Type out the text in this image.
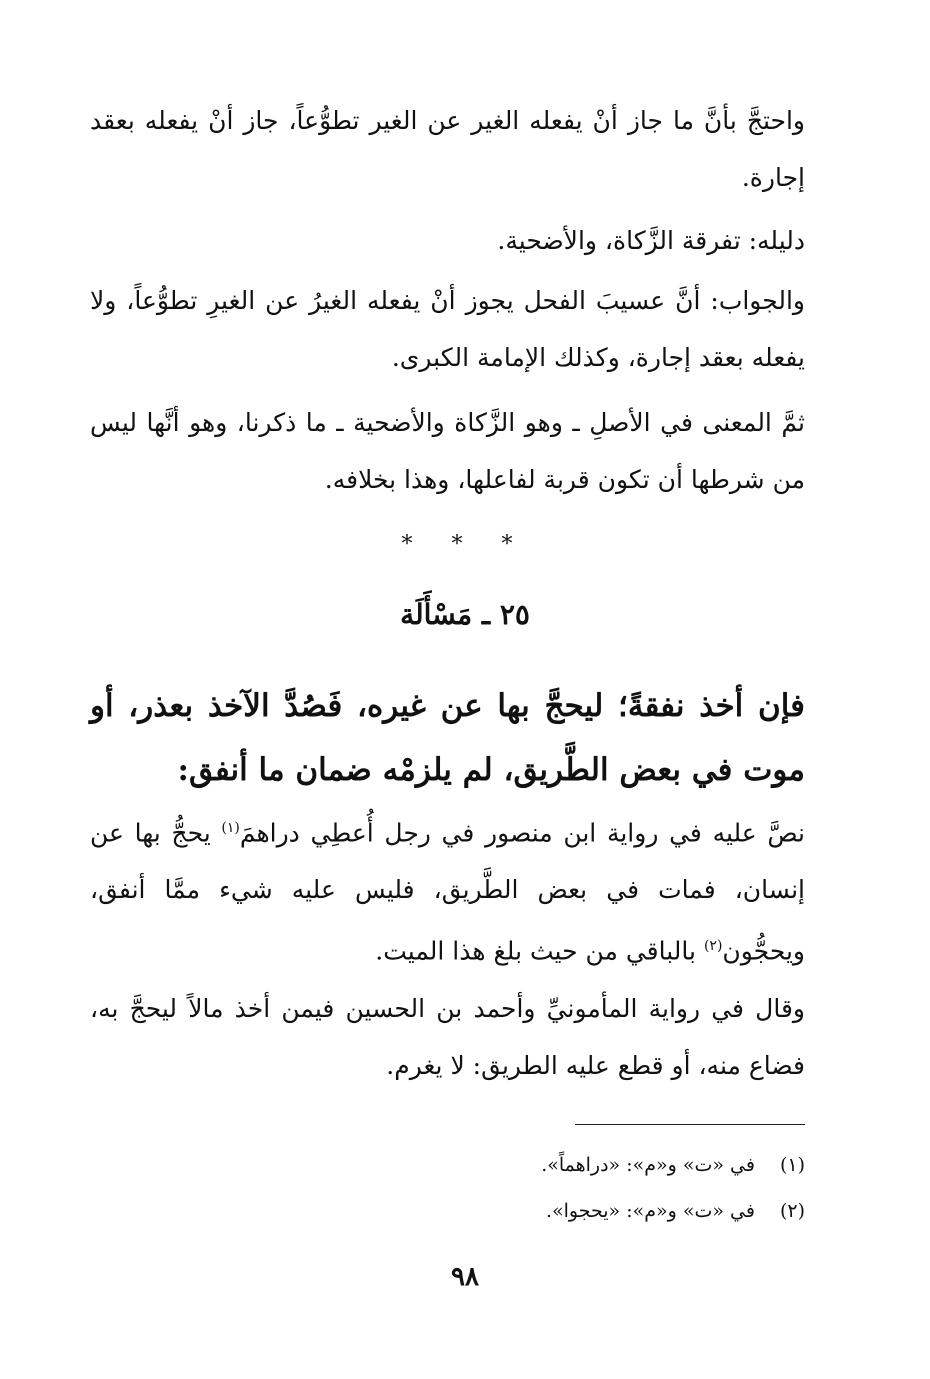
واحتجَّ بأنَّ ما جاز أنْ يفعله الغير عن الغير تطوُّعاً، جاز أنْ يفعله بعقد إجارة.

دليله: تفرقة الزَّكاة، والأضحية.

والجواب: أنَّ عسيبَ الفحل يجوز أنْ يفعله الغيرُ عن الغيرِ تطوُّعاً، ولا يفعله بعقد إجارة، وكذلك الإمامة الكبرى.

ثمَّ المعنى في الأصلِ ـ وهو الزَّكاة والأضحية ـ ما ذكرنا، وهو أنَّها ليس من شرطها أن تكون قربة لفاعلها، وهذا بخلافه.

* * *
٢٥ ـ مَسْأَلَة

فإن أخذ نفقةً؛ ليحجَّ بها عن غيره، فَصُدَّ الآخذ بعذر، أو موت في بعض الطَّريق، لم يلزمْه ضمان ما أنفق:

نصَّ عليه في رواية ابن منصور في رجل أُعطِي دراهمَ$^{(١)}$ يحجُّ بها عن إنسان، فمات في بعض الطَّريق، فليس عليه شيء ممَّا أنفق، ويحجُّون$^{(٢)}$ بالباقي من حيث بلغ هذا الميت.

وقال في رواية المأمونيِّ وأحمد بن الحسين فيمن أخذ مالاً ليحجَّ به، فضاع منه، أو قطع عليه الطريق: لا يغرم.

(١) في «ت» و«م»: «دراهماً».
(٢) في «ت» و«م»: «يحجوا».
٩٨
